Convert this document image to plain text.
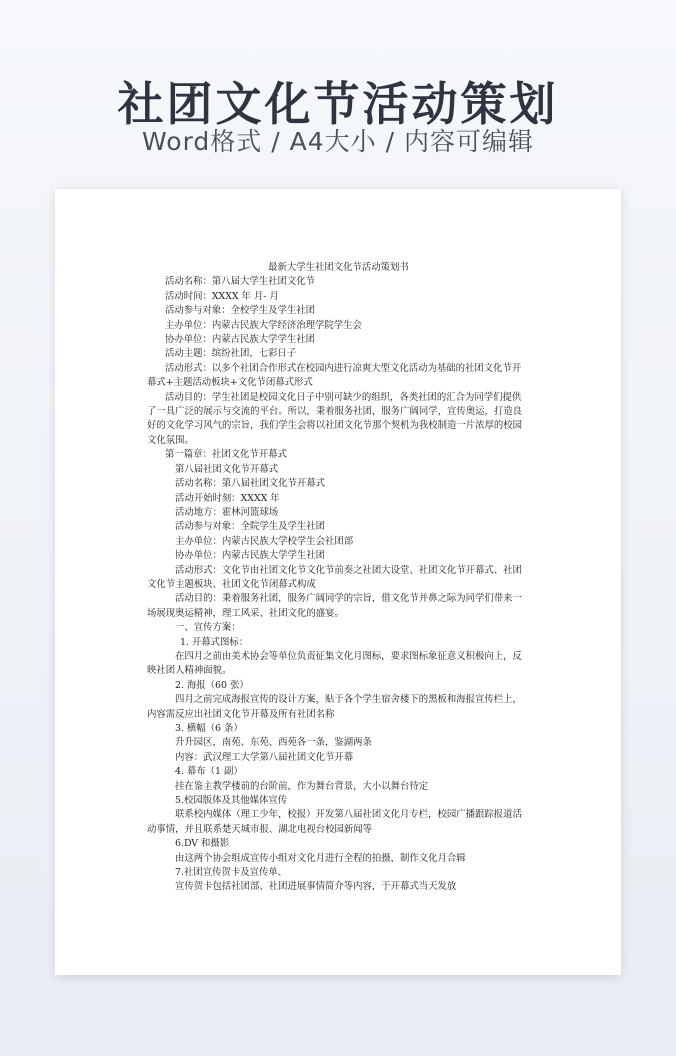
社团文化节活动策划
Word格式 / A4大小 / 内容可编辑

最新大学生社团文化节活动策划书

活动名称：第八届大学生社团文化节

活动时间：XXXX 年 月- 月

活动参与对象：全校学生及学生社团

主办单位：内蒙古民族大学经济治理学院学生会

协办单位：内蒙古民族大学学生社团

活动主题：缤纷社团，七彩日子

活动形式：以多个社团合作形式在校园内进行凉爽大型文化活动为基础的社团文化节开幕式+主题活动板块+文化节闭幕式形式

活动目的：学生社团是校园文化日子中别可缺少的组织，各类社团的汇合为同学们提供了一具广泛的展示与交流的平台。所以，秉着服务社团，服务广阔同学，宣传奥运，打造良好的文化学习风气的宗旨，我们学生会将以社团文化节那个契机为我校制造一片浓厚的校园文化氛围。

第一篇章：社团文化节开幕式

第八届社团文化节开幕式

活动名称：第八届社团文化节开幕式

活动开始时刻：XXXX 年

活动地方：霍林河篮球场

活动参与对象：全院学生及学生社团

主办单位：内蒙古民族大学校学生会社团部

协办单位：内蒙古民族大学学生社团

活动形式：文化节由社团文化节文化节前奏之社团大设堂、社团文化节开幕式、社团文化节主题板块、社团文化节闭幕式构成

活动目的：秉着服务社团，服务广阔同学的宗旨，借文化节并鼻之际为同学们带来一场展现奥运精神，理工风采、社团文化的盛宴。

一、宣传方案：

1. 开幕式图标：

在四月之前由美术协会等单位负责征集文化月图标，要求图标象征意义积极向上，反映社团人精神面貌。

2. 海报（60 张）

四月之前完成海报宣传的设计方案，贴于各个学生宿舍楼下的黑板和海报宣传栏上，内容需反应出社团文化节开幕及所有社团名称

3. 横幅（6 条）

升升园区，南苑、东苑、西苑各一条，鉴湖两条

内容：武汉理工大学第八届社团文化节开幕

4. 幕布（1 副）

挂在鉴主教学楼前的台阶前，作为舞台背景，大小以舞台待定

5.校园版体及其他媒体宣传

联系校内媒体（理工少年，校报）开发第八届社团文化月专栏，校园广播跟踪报道活动事情，并且联系楚天城市报、湖北电视台校园新闻等

6.DV 和摄影

由这两个协会组成宣传小组对文化月进行全程的拍摄，制作文化月合辑

7.社团宣传贺卡及宣传单、

宣传贺卡包括社团部、社团进展事情简介等内容，于开幕式当天发放
